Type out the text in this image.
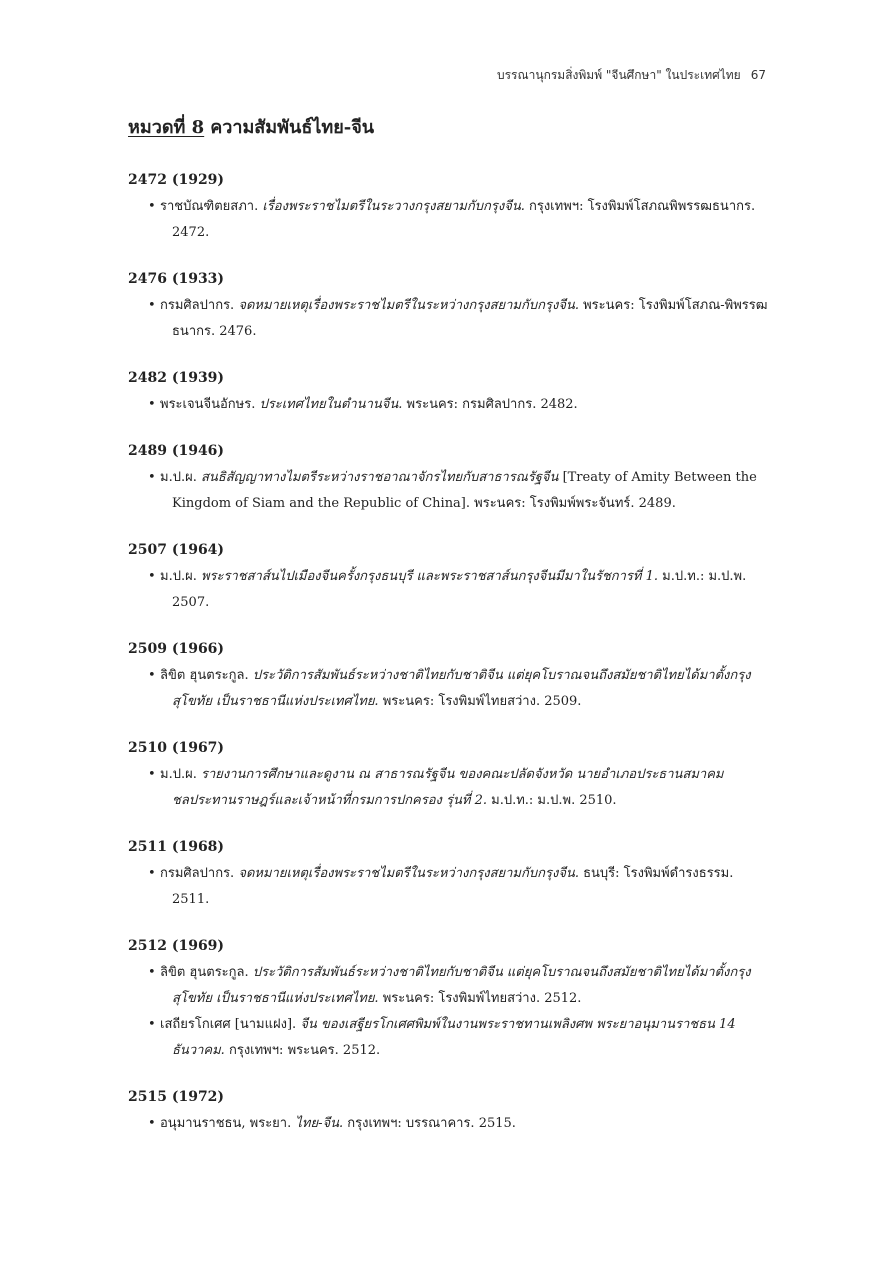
บรรณานุกรมสิ่งพิมพ์ "จีนศึกษา" ในประเทศไทย 67
หมวดที่ 8 ความสัมพันธ์ไทย-จีน
2472 (1929)

• ราชบัณฑิตยสภา. เรื่องพระราชไมตรีในระวางกรุงสยามกับกรุงจีน. กรุงเทพฯ: โรงพิมพ์โสภณพิพรรฒธนากร. 2472.

2476 (1933)

• กรมศิลปากร. จดหมายเหตุเรื่องพระราชไมตรีในระหว่างกรุงสยามกับกรุงจีน. พระนคร: โรงพิมพ์โสภณ-พิพรรฒธนากร. 2476.

2482 (1939)

• พระเจนจีนอักษร. ประเทศไทยในตำนานจีน. พระนคร: กรมศิลปากร. 2482.

2489 (1946)

• ม.ป.ผ. สนธิสัญญาทางไมตรีระหว่างราชอาณาจักรไทยกับสาธารณรัฐจีน [Treaty of Amity Between the Kingdom of Siam and the Republic of China]. พระนคร: โรงพิมพ์พระจันทร์. 2489.

2507 (1964)

• ม.ป.ผ. พระราชสาส์นไปเมืองจีนครั้งกรุงธนบุรี และพระราชสาส์นกรุงจีนมีมาในรัชการที่ 1. ม.ป.ท.: ม.ป.พ. 2507.

2509 (1966)

• ลิขิต ฮุนตระกูล. ประวัติการสัมพันธ์ระหว่างชาติไทยกับชาติจีน แต่ยุคโบราณจนถึงสมัยชาติไทยได้มาตั้งกรุงสุโขทัย เป็นราชธานีแห่งประเทศไทย. พระนคร: โรงพิมพ์ไทยสว่าง. 2509.

2510 (1967)

• ม.ป.ผ. รายงานการศึกษาและดูงาน ณ สาธารณรัฐจีน ของคณะปลัดจังหวัด นายอำเภอประธานสมาคมชลประทานราษฎร์และเจ้าหน้าที่กรมการปกครอง รุ่นที่ 2. ม.ป.ท.: ม.ป.พ. 2510.

2511 (1968)

• กรมศิลปากร. จดหมายเหตุเรื่องพระราชไมตรีในระหว่างกรุงสยามกับกรุงจีน. ธนบุรี: โรงพิมพ์ดำรงธรรม. 2511.

2512 (1969)

• ลิขิต ฮุนตระกูล. ประวัติการสัมพันธ์ระหว่างชาติไทยกับชาติจีน แต่ยุคโบราณจนถึงสมัยชาติไทยได้มาตั้งกรุงสุโขทัย เป็นราชธานีแห่งประเทศไทย. พระนคร: โรงพิมพ์ไทยสว่าง. 2512.

• เสถียรโกเศศ [นามแฝง]. จีน ของเสฐียรโกเศศพิมพ์ในงานพระราชทานเพลิงศพ พระยาอนุมานราชธน 14 ธันวาคม. กรุงเทพฯ: พระนคร. 2512.

2515 (1972)

• อนุมานราชธน, พระยา. ไทย-จีน. กรุงเทพฯ: บรรณาคาร. 2515.
